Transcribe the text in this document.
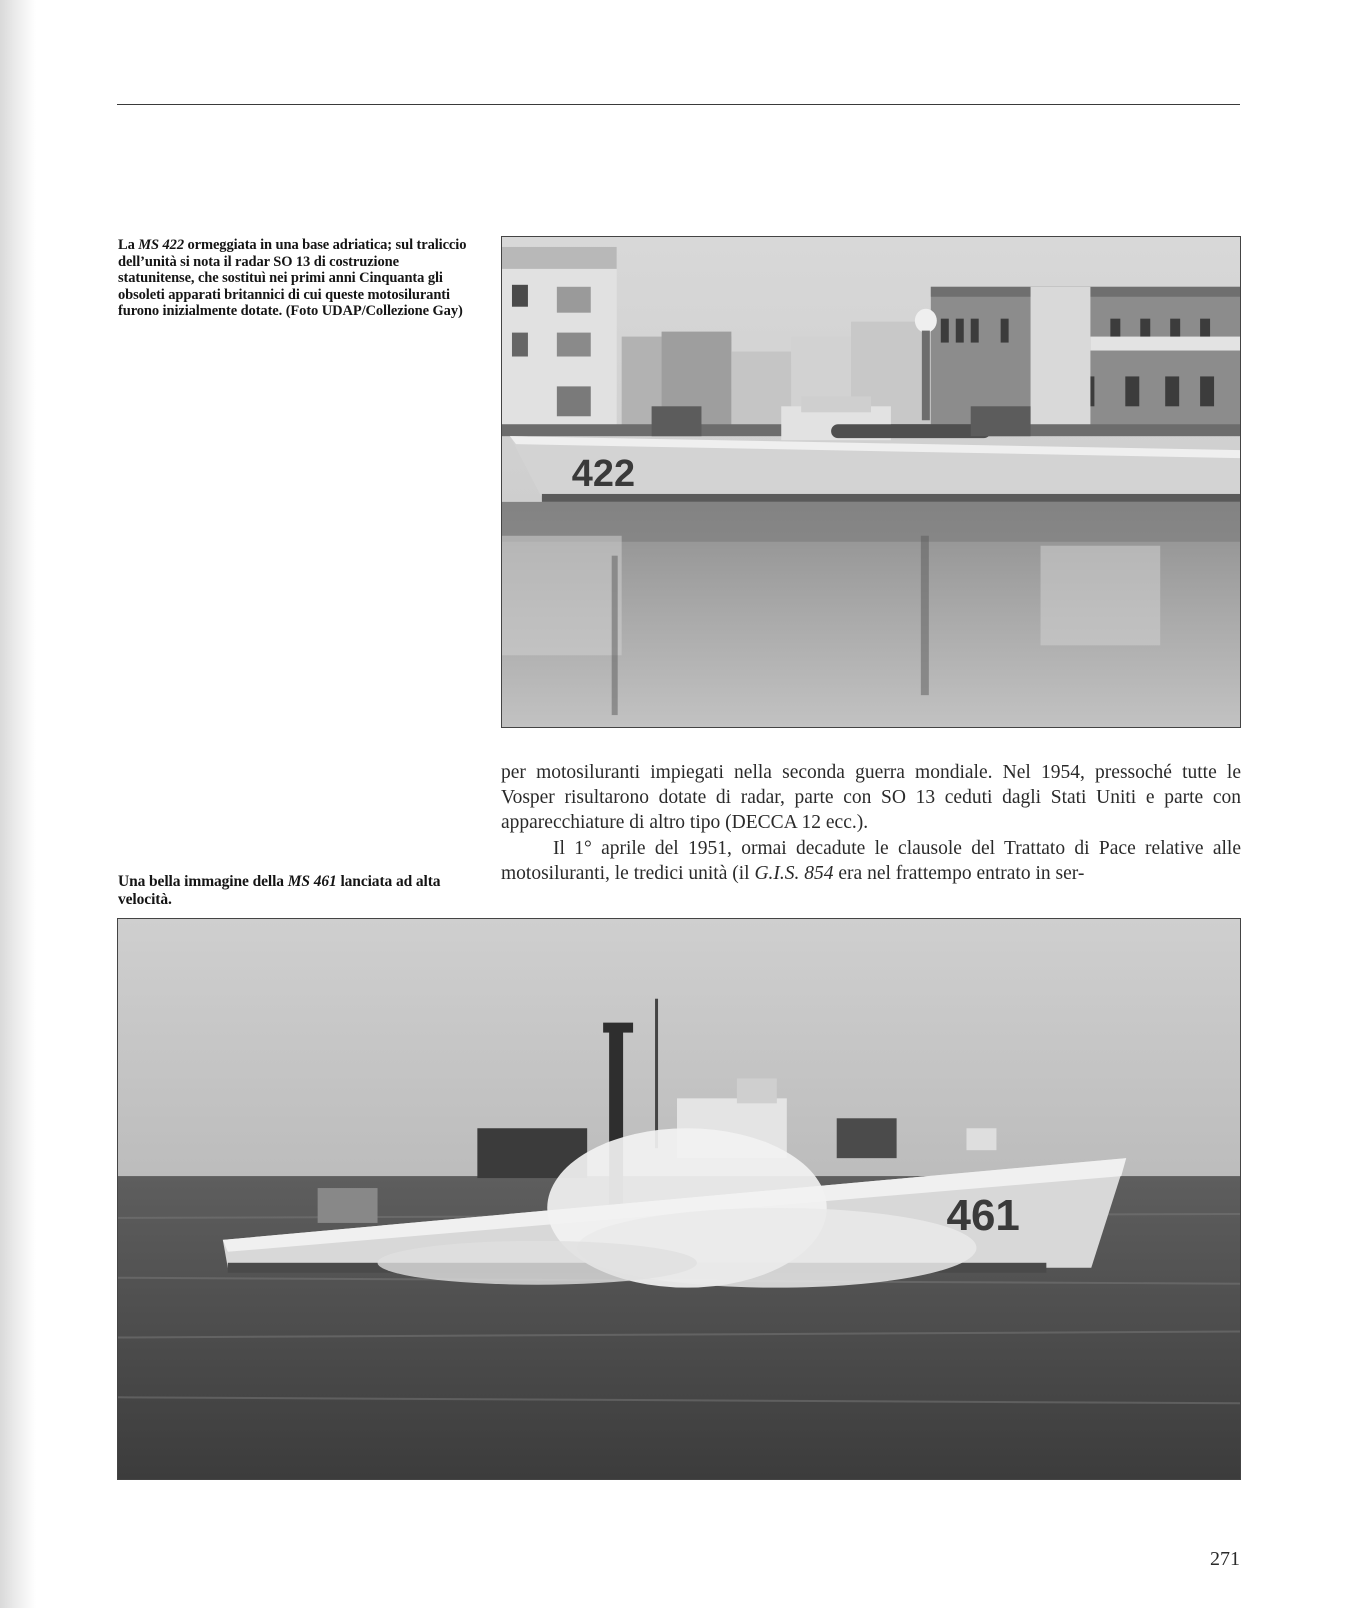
La MS 422 ormeggiata in una base adriatica; sul traliccio dell’unità si nota il radar SO 13 di costruzione statunitense, che sostituì nei primi anni Cinquanta gli obsoleti apparati britannici di cui queste motosiluranti furono inizialmente dotate. (Foto UDAP/Collezione Gay)
422

per motosiluranti impiegati nella seconda guerra mondiale. Nel 1954, pressoché tutte le Vosper risultarono dotate di radar, parte con SO 13 ceduti dagli Stati Uniti e parte con apparecchiature di altro tipo (DECCA 12 ecc.).

Il 1° aprile del 1951, ormai decadute le clausole del Trattato di Pace relative alle motosiluranti, le tredici unità (il G.I.S. 854 era nel frattempo entrato in ser-

Una bella immagine della MS 461 lanciata ad alta velocità.
461
271
